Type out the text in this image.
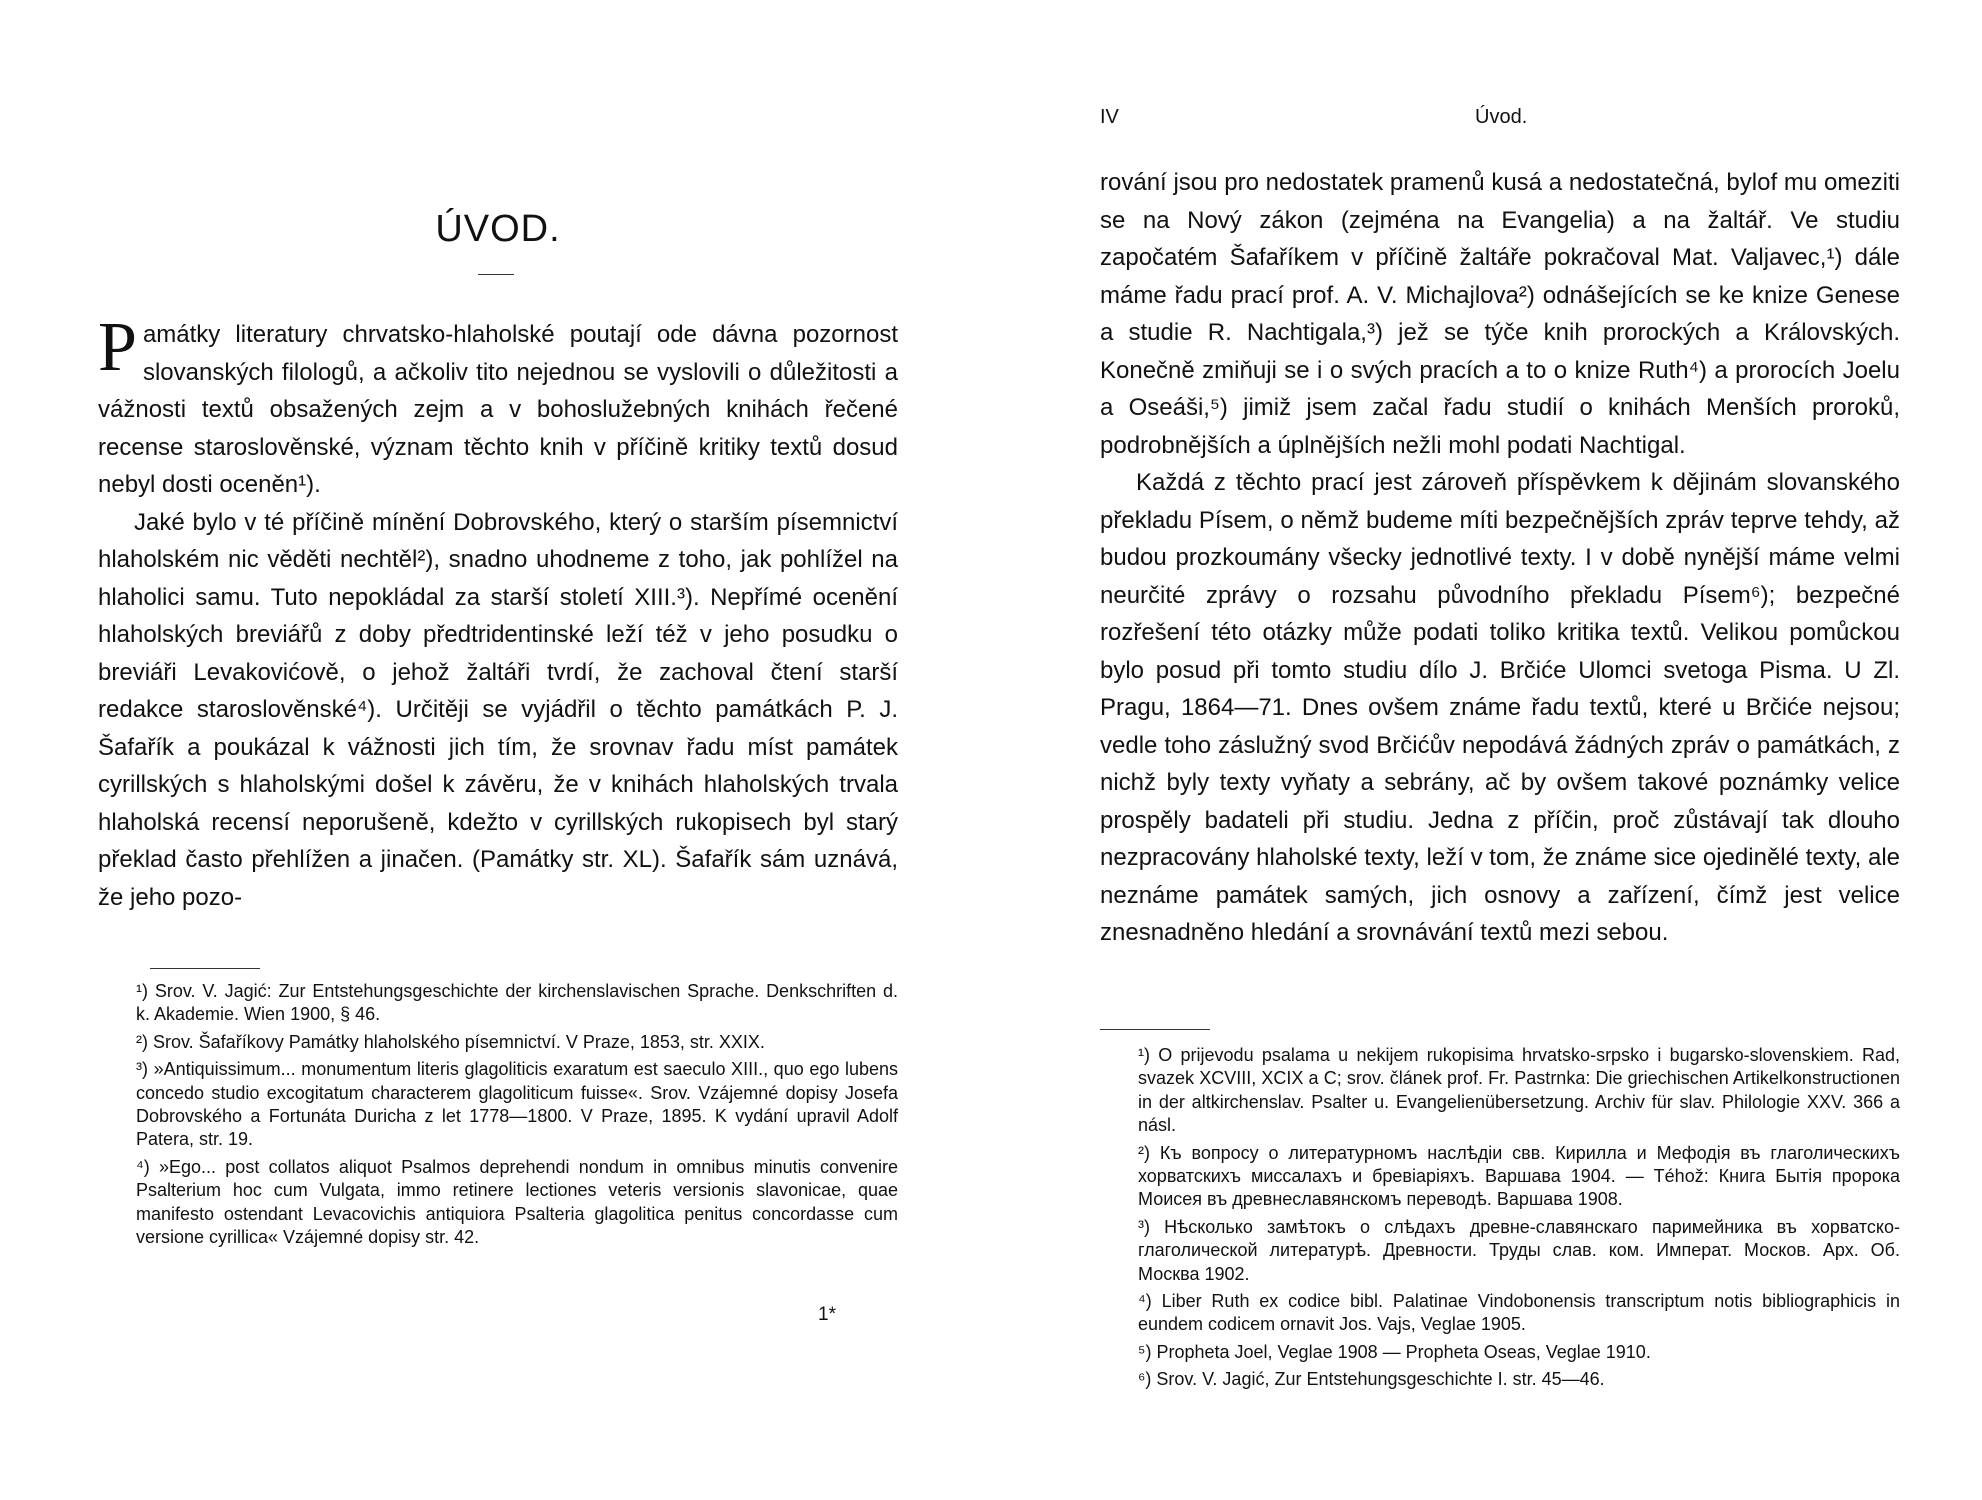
ÚVOD.

Památky literatury chrvatsko-hlaholské poutají ode dávna pozornost slovanských filologů, a ačkoliv tito nejednou se vyslovili o důležitosti a vážnosti textů obsažených zejm a v bohoslužebných knihách řečené recense staroslověnské, význam těchto knih v příčině kritiky textů dosud nebyl dosti oceněn¹).

Jaké bylo v té příčině mínění Dobrovského, který o starším písemnictví hlaholském nic věděti nechtěl²), snadno uhodneme z toho, jak pohlížel na hlaholici samu. Tuto nepokládal za starší století XIII.³). Nepřímé ocenění hlaholských breviářů z doby předtridentinské leží též v jeho posudku o breviáři Levakovićově, o jehož žaltáři tvrdí, že zachoval čtení starší redakce staroslověnské⁴). Určitěji se vyjádřil o těchto památkách P. J. Šafařík a poukázal k vážnosti jich tím, že srovnav řadu míst památek cyrillských s hlaholskými došel k závěru, že v knihách hlaholských trvala hlaholská recensí neporušeně, kdežto v cyrillských rukopisech byl starý překlad často přehlížen a jinačen. (Památky str. XL). Šafařík sám uznává, že jeho pozo-

¹) Srov. V. Jagić: Zur Entstehungsgeschichte der kirchenslavischen Sprache. Denkschriften d. k. Akademie. Wien 1900, § 46.

²) Srov. Šafaříkovy Památky hlaholského písemnictví. V Praze, 1853, str. XXIX.

³) »Antiquissimum... monumentum literis glagoliticis exaratum est saeculo XIII., quo ego lubens concedo studio excogitatum characterem glagoliticum fuisse«. Srov. Vzájemné dopisy Josefa Dobrovského a Fortunáta Duricha z let 1778—1800. V Praze, 1895. K vydání upravil Adolf Patera, str. 19.

⁴) »Ego... post collatos aliquot Psalmos deprehendi nondum in omnibus minutis convenire Psalterium hoc cum Vulgata, immo retinere lectiones veteris versionis slavonicae, quae manifesto ostendant Levacovichis antiquiora Psalteria glagolitica penitus concordasse cum versione cyrillica« Vzájemné dopisy str. 42.

1*
IV	Úvod.

rování jsou pro nedostatek pramenů kusá a nedostatečná, bylof mu omeziti se na Nový zákon (zejména na Evangelia) a na žaltář. Ve studiu započatém Šafaříkem v příčině žaltáře pokračoval Mat. Valjavec,¹) dále máme řadu prací prof. A. V. Michajlova²) odnášejících se ke knize Genese a studie R. Nachtigala,³) jež se týče knih prorockých a Královských. Konečně zmiňuji se i o svých pracích a to o knize Ruth⁴) a prorocích Joelu a Oseáši,⁵) jimiž jsem začal řadu studií o knihách Menších proroků, podrobnějších a úplnějších nežli mohl podati Nachtigal.

Každá z těchto prací jest zároveň příspěvkem k dějinám slovanského překladu Písem, o němž budeme míti bezpečnějších zpráv teprve tehdy, až budou prozkoumány všecky jednotlivé texty. I v době nynější máme velmi neurčité zprávy o rozsahu původního překladu Písem⁶); bezpečné rozřešení této otázky může podati toliko kritika textů. Velikou pomůckou bylo posud při tomto studiu dílo J. Brčiće Ulomci svetoga Pisma. U Zl. Pragu, 1864—71. Dnes ovšem známe řadu textů, které u Brčiće nejsou; vedle toho záslužný svod Brčićův nepodává žádných zpráv o památkách, z nichž byly texty vyňaty a sebrány, ač by ovšem takové poznámky velice prospěly badateli při studiu. Jedna z příčin, proč zůstávají tak dlouho nezpracovány hlaholské texty, leží v tom, že známe sice ojedinělé texty, ale neznáme památek samých, jich osnovy a zařízení, čímž jest velice znesnadněno hledání a srovnávání textů mezi sebou.

¹) O prijevodu psalama u nekijem rukopisima hrvatsko-srpsko i bugarsko-slovenskiem. Rad, svazek XCVIII, XCIX a C; srov. článek prof. Fr. Pastrnka: Die griechischen Artikelkonstructionen in der altkirchenslav. Psalter u. Evangelienübersetzung. Archiv für slav. Philologie XXV. 366 a násl.

²) Къ вопросу о литературномъ наслѣдіи свв. Кирилла и Мефодія въ глаголическихъ хорватскихъ миссалахъ и бревіаріяхъ. Варшава 1904. — Téhož: Книга Бытія пророка Моисея въ древнеславянскомъ переводѣ. Варшава 1908.

³) Нѣсколько замѣтокъ о слѣдахъ древне-славянскаго паримейника въ хорватско-глаголической литературѣ. Древности. Труды слав. ком. Императ. Москов. Арх. Об. Москва 1902.

⁴) Liber Ruth ex codice bibl. Palatinae Vindobonensis transcriptum notis bibliographicis in eundem codicem ornavit Jos. Vajs, Veglae 1905.

⁵) Propheta Joel, Veglae 1908 — Propheta Oseas, Veglae 1910.

⁶) Srov. V. Jagić, Zur Entstehungsgeschichte I. str. 45—46.
